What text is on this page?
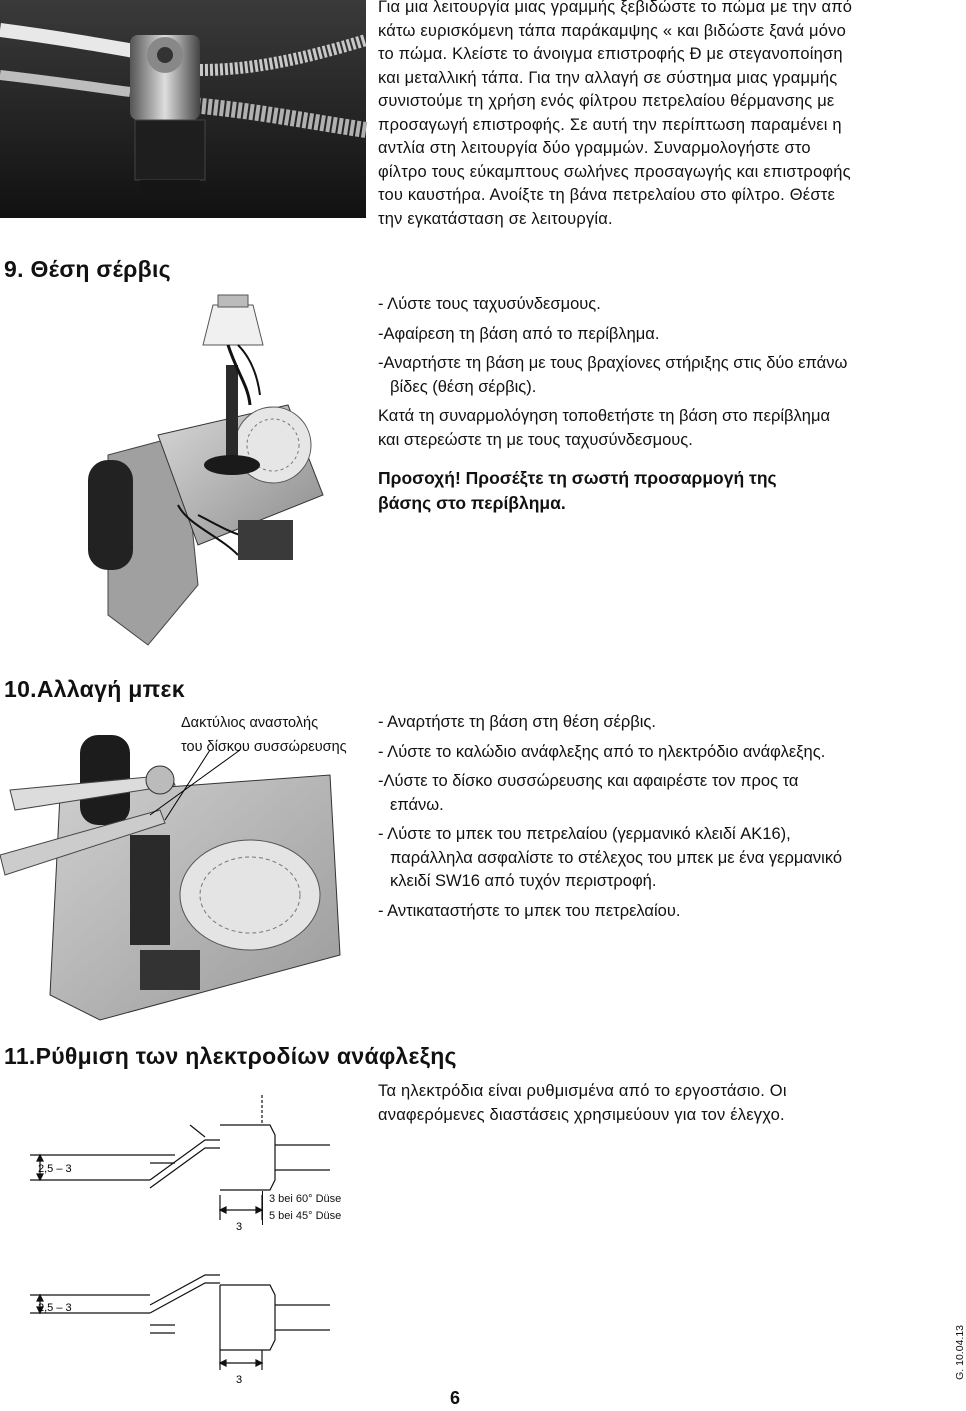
Για μια λειτουργία μιας γραμμής ξεβιδώστε το πώμα με την από

κάτω ευρισκόμενη τάπα παράκαμψης « και βιδώστε ξανά μόνο

το πώμα. Κλείστε το άνοιγμα επιστροφής Ð με στεγανοποίηση

και μεταλλική τάπα. Για την αλλαγή σε σύστημα μιας γραμμής

συνιστούμε τη χρήση ενός φίλτρου πετρελαίου θέρμανσης με

προσαγωγή επιστροφής. Σε αυτή την περίπτωση παραμένει η

αντλία στη λειτουργία δύο γραμμών. Συναρμολογήστε στο

φίλτρο τους εύκαμπτους σωλήνες προσαγωγής και επιστροφής

του καυστήρα. Ανοίξτε τη βάνα πετρελαίου στο φίλτρο. Θέστε

την εγκατάσταση σε λειτουργία.

9. Θέση σέρβις
- Λύστε τους ταχυσύνδεσμους.
-Αφαίρεση τη βάση από το περίβλημα.
-Αναρτήστε τη βάση με τους βραχίονες στήριξης στις δύο επάνω
βίδες (θέση σέρβις).
Κατά τη συναρμολόγηση τοποθετήστε τη βάση στο περίβλημα
και στερεώστε τη με τους ταχυσύνδεσμους.
Προσοχή! Προσέξτε τη σωστή προσαρμογή της
βάσης στο περίβλημα.
10.Αλλαγή μπεκ
Δακτύλιος αναστολής
του δίσκου συσσώρευσης
- Αναρτήστε τη βάση στη θέση σέρβις.
- Λύστε το καλώδιο ανάφλεξης από το ηλεκτρόδιο ανάφλεξης.
-Λύστε το δίσκο συσσώρευσης και αφαιρέστε τον προς τα
επάνω.
- Λύστε το μπεκ του πετρελαίου (γερμανικό κλειδί AK16),
παράλληλα ασφαλίστε το στέλεχος του μπεκ με ένα γερμανικό
κλειδί SW16 από τυχόν περιστροφή.
- Αντικαταστήστε το μπεκ του πετρελαίου.
11.Ρύθμιση των ηλεκτροδίων ανάφλεξης

Τα ηλεκτρόδια είναι ρυθμισμένα από το εργοστάσιο. Οι

αναφερόμενες διαστάσεις χρησιμεύουν για τον έλεγχο.

2,5 – 3
3
3 bei 60° Düse
5 bei 45° Düse
2,5 – 3
3
6
G. 10.04.13
